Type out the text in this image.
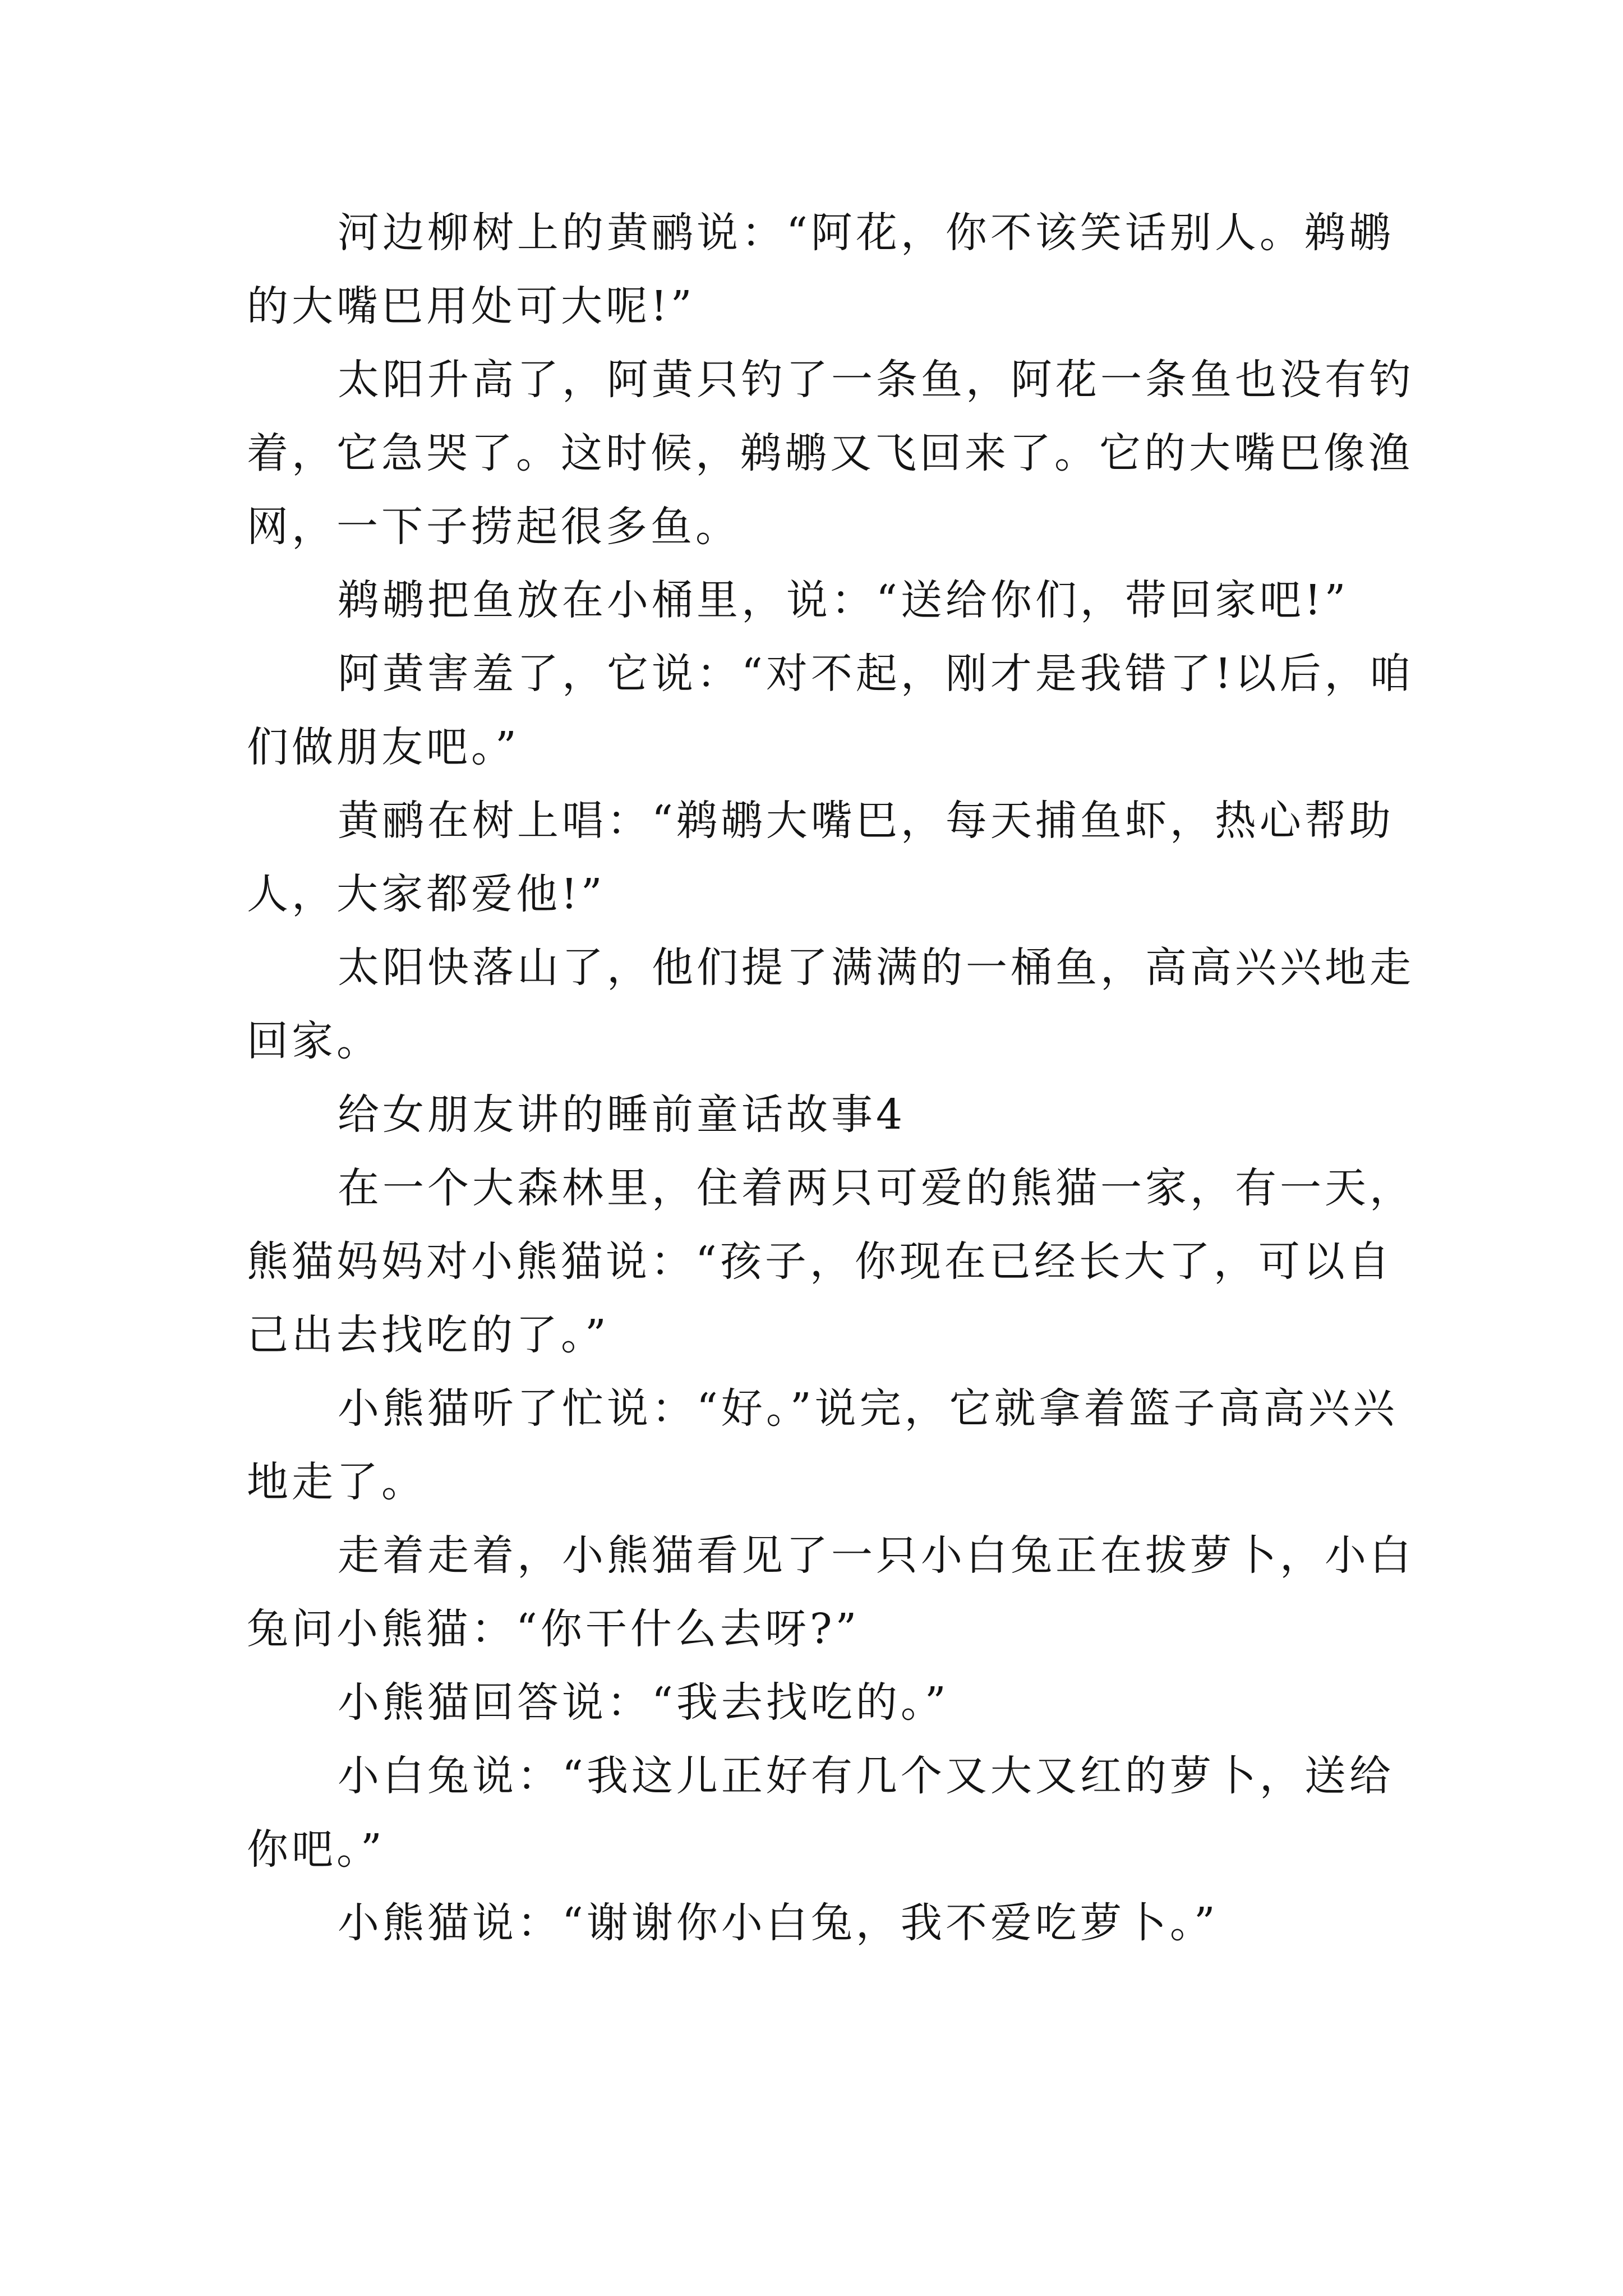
河边柳树上的黄鹂说：“阿花，你不该笑话别人。鹈鹕
的大嘴巴用处可大呢!”

太阳升高了，阿黄只钓了一条鱼，阿花一条鱼也没有钓
着，它急哭了。这时候，鹈鹕又飞回来了。它的大嘴巴像渔
网，一下子捞起很多鱼。

鹈鹕把鱼放在小桶里，说：“送给你们，带回家吧!”

阿黄害羞了，它说：“对不起，刚才是我错了!以后，咱
们做朋友吧。”

黄鹂在树上唱：“鹈鹕大嘴巴，每天捕鱼虾，热心帮助
人，大家都爱他!”

太阳快落山了，他们提了满满的一桶鱼，高高兴兴地走
回家。

给女朋友讲的睡前童话故事4

在一个大森林里，住着两只可爱的熊猫一家，有一天，
熊猫妈妈对小熊猫说：“孩子，你现在已经长大了，可以自
己出去找吃的了。”

小熊猫听了忙说：“好。”说完，它就拿着篮子高高兴兴
地走了。

走着走着，小熊猫看见了一只小白兔正在拔萝卜，小白
兔问小熊猫：“你干什么去呀?”

小熊猫回答说：“我去找吃的。”

小白兔说：“我这儿正好有几个又大又红的萝卜，送给
你吧。”

小熊猫说：“谢谢你小白兔，我不爱吃萝卜。”
